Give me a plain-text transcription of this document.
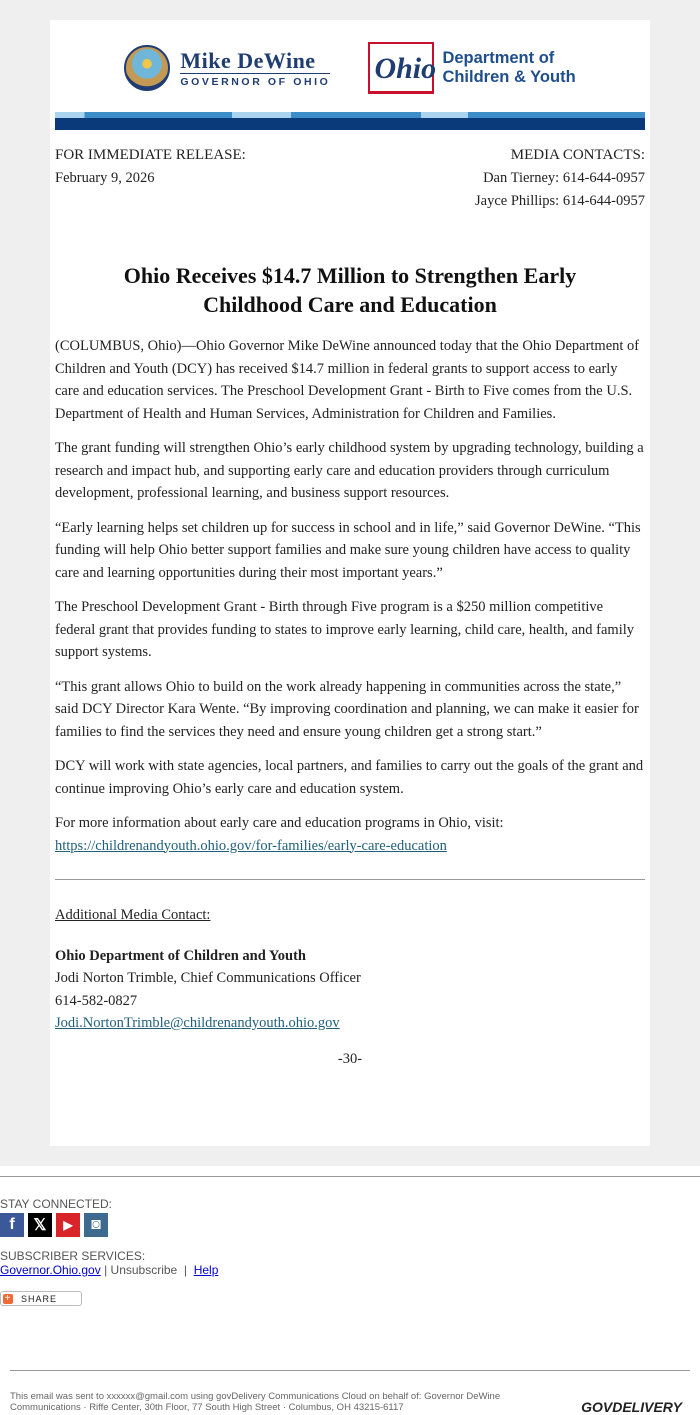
Mike DeWine
GOVERNOR OF OHIO Ohio Department of
Children & Youth
FOR IMMEDIATE RELEASE:
February 9, 2026
MEDIA CONTACTS:
Dan Tierney: 614-644-0957
Jayce Phillips: 614-644-0957
Ohio Receives $14.7 Million to Strengthen Early Childhood Care and Education

(COLUMBUS, Ohio)—Ohio Governor Mike DeWine announced today that the Ohio Department of Children and Youth (DCY) has received $14.7 million in federal grants to support access to early care and education services. The Preschool Development Grant - Birth to Five comes from the U.S. Department of Health and Human Services, Administration for Children and Families.

The grant funding will strengthen Ohio’s early childhood system by upgrading technology, building a research and impact hub, and supporting early care and education providers through curriculum development, professional learning, and business support resources.

“Early learning helps set children up for success in school and in life,” said Governor DeWine. “This funding will help Ohio better support families and make sure young children have access to quality care and learning opportunities during their most important years.”

The Preschool Development Grant - Birth through Five program is a $250 million competitive federal grant that provides funding to states to improve early learning, child care, health, and family support systems.

“This grant allows Ohio to build on the work already happening in communities across the state,” said DCY Director Kara Wente. “By improving coordination and planning, we can make it easier for families to find the services they need and ensure young children get a strong start.”

DCY will work with state agencies, local partners, and families to carry out the goals of the grant and continue improving Ohio’s early care and education system.

For more information about early care and education programs in Ohio, visit:
https://childrenandyouth.ohio.gov/for-families/early-care-education

Additional Media Contact:

Ohio Department of Children and Youth
Jodi Norton Trimble, Chief Communications Officer
614-582-0827
Jodi.NortonTrimble@childrenandyouth.ohio.gov
-30-
STAY CONNECTED:
f	𝕏	▶	◙
SUBSCRIBER SERVICES:
Governor.Ohio.gov | Unsubscribe  |  Help
+ SHARE
This email was sent to xxxxxx@gmail.com using govDelivery Communications Cloud on behalf of: Governor DeWine Communications · Riffe Center, 30th Floor, 77 South High Street · Columbus, OH 43215-6117	GOVDELIVERY
